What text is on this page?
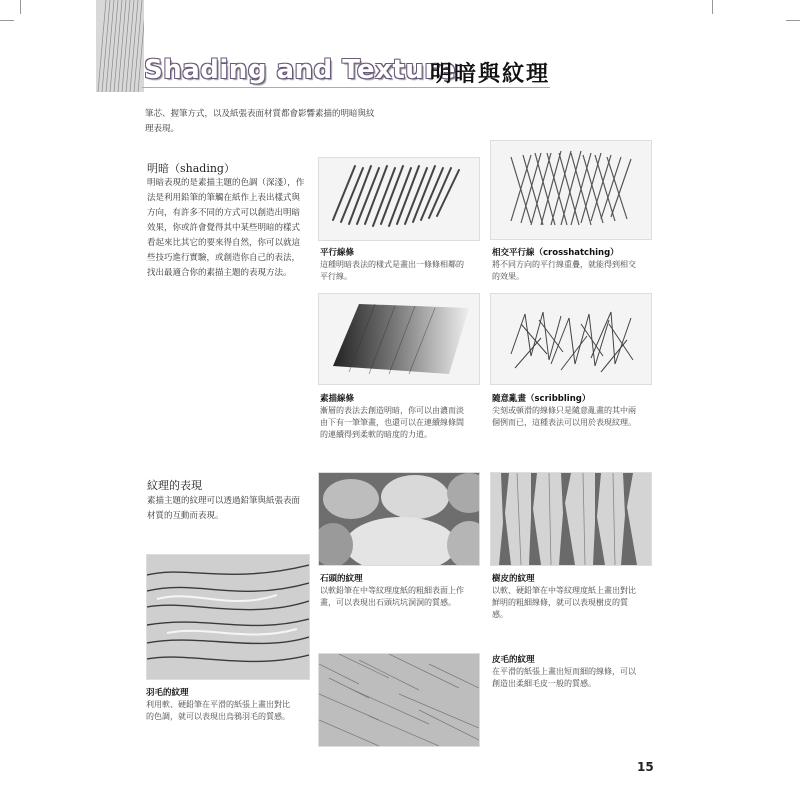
Shading and Texture
明暗與紋理
筆芯、握筆方式，以及紙張表面材質都會影響素描的明暗與紋理表現。
明暗（shading）
明暗表現的是素描主題的色調（深淺），作法是利用鉛筆的筆觸在紙作上表出樣式與方向，有許多不同的方式可以創造出明暗效果，你或許會覺得其中某些明暗的樣式看起來比其它的要來得自然，你可以就這些技巧進行實驗，或創造你自己的表法，找出最適合你的素描主題的表現方法。
平行線條
這種明暗表法的樣式是畫出一條條相鄰的平行線。
相交平行線（crosshatching）
將不同方向的平行線重疊，就能得到相交的效果。
素描線條
漸層的表法去創造明暗，你可以由濃而淡由下有一筆筆畫，也還可以在連續線條間的連續得到柔軟的暗度的力道。
隨意亂畫（scribbling）
尖刻或頓滑的線條只是隨意亂畫的其中兩個例而已，這種表法可以用於表現紋理。
紋理的表現
素描主題的紋理可以透過鉛筆與紙張表面材質的互動而表現。
石頭的紋理
以軟鉛筆在中等紋理度紙的粗細表面上作畫，可以表現出石頭坑坑洞洞的質感。
樹皮的紋理
以軟、硬鉛筆在中等紋理度紙上畫出對比鮮明的粗細線條，就可以表現樹皮的質感。
羽毛的紋理
利用軟、硬鉛筆在平滑的紙張上畫出對比的色調，就可以表現出烏鴉羽毛的質感。
皮毛的紋理
在平滑的紙張上畫出短而細的線條，可以創造出柔細毛皮一般的質感。
15
